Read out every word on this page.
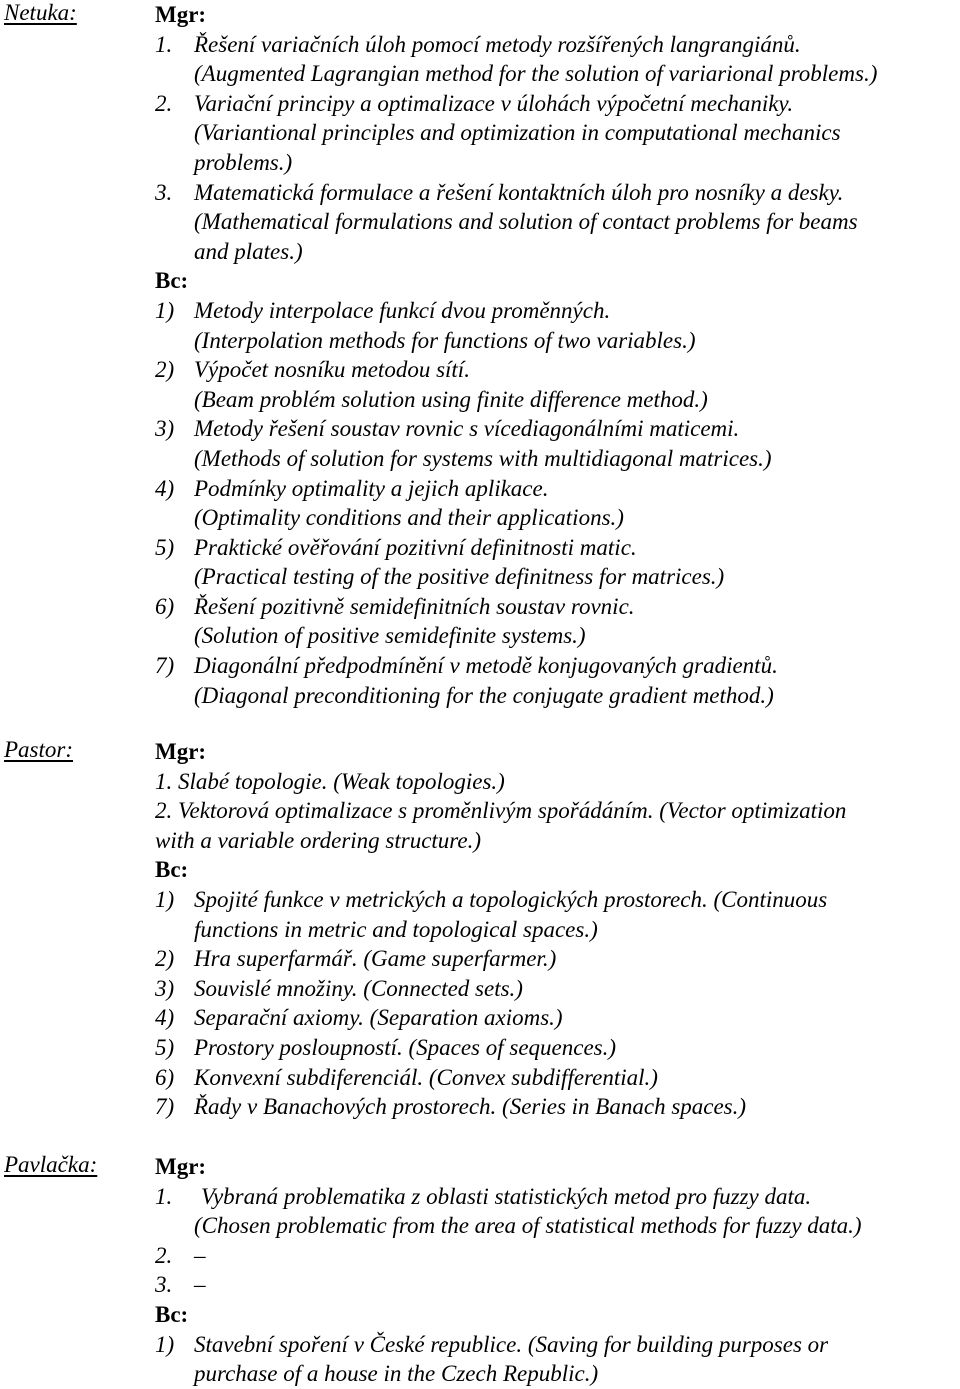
Netuka:	Mgr:
1. Řešení variačních úloh pomocí metody rozšířených langrangiánů.
(Augmented Lagrangian method for the solution of variarional problems.)
2. Variační principy a optimalizace v úlohách výpočetní mechaniky.
(Variantional principles and optimization in computational mechanics
problems.)
3. Matematická formulace a řešení kontaktních úloh pro nosníky a desky.
(Mathematical formulations and solution of contact problems for beams
and plates.)
Bc:
1) Metody interpolace funkcí dvou proměnných.
(Interpolation methods for functions of two variables.)
2) Výpočet nosníku metodou sítí.
(Beam problém solution using finite difference method.)
3) Metody řešení soustav rovnic s vícediagonálními maticemi.
(Methods of solution for systems with multidiagonal matrices.)
4) Podmínky optimality a jejich aplikace.
(Optimality conditions and their applications.)
5) Praktické ověřování pozitivní definitnosti matic.
(Practical testing of the positive definitness for matrices.)
6) Řešení pozitivně semidefinitních soustav rovnic.
(Solution of positive semidefinite systems.)
7) Diagonální předpodmínění v metodě konjugovaných gradientů.
(Diagonal preconditioning for the conjugate gradient method.)
Pastor:	Mgr:
1. Slabé topologie. (Weak topologies.)
2. Vektorová optimalizace s proměnlivým spořádáním. (Vector optimization
with a variable ordering structure.)
Bc:
1) Spojité funkce v metrických a topologických prostorech. (Continuous
functions in metric and topological spaces.)
2) Hra superfarmář. (Game superfarmer.)
3) Souvislé množiny. (Connected sets.)
4) Separační axiomy. (Separation axioms.)
5) Prostory posloupností. (Spaces of sequences.)
6) Konvexní subdiferenciál. (Convex subdifferential.)
7) Řady v Banachových prostorech. (Series in Banach spaces.)
Pavlačka:	Mgr:
1. Vybraná problematika z oblasti statistických metod pro fuzzy data.
(Chosen problematic from the area of statistical methods for fuzzy data.)
2. –
3. –
Bc:
1) Stavební spoření v České republice. (Saving for building purposes or
purchase of a house in the Czech Republic.)
